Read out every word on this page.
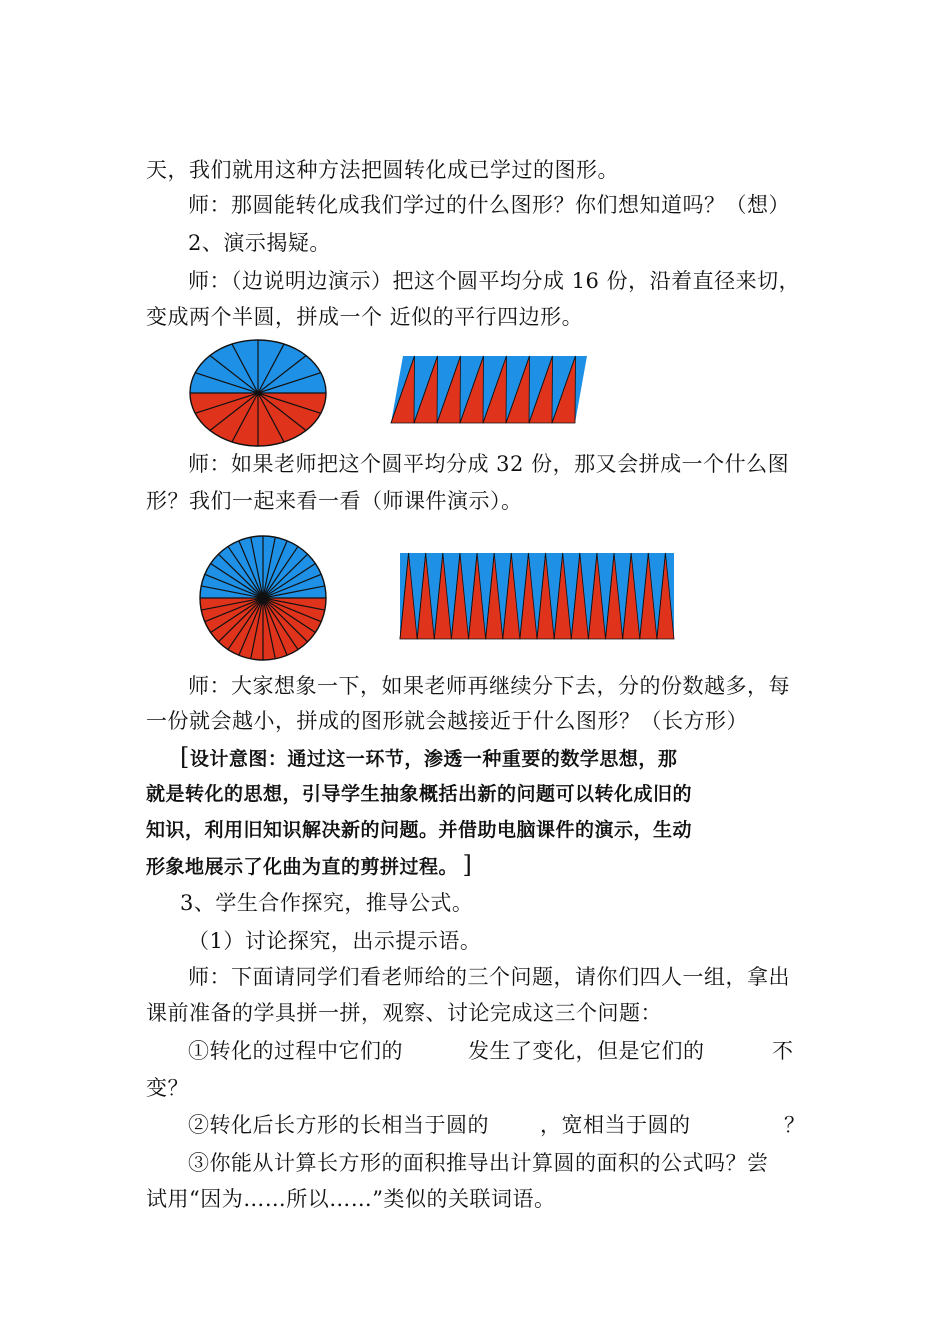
天，我们就用这种方法把圆转化成已学过的图形。
师：那圆能转化成我们学过的什么图形？你们想知道吗？（想）
2、演示揭疑。
师：（边说明边演示）把这个圆平均分成 16 份，沿着直径来切，
变成两个半圆，拼成一个 近似的平行四边形。
师：如果老师把这个圆平均分成 32 份，那又会拼成一个什么图
形？我们一起来看一看（师课件演示）。
师：大家想象一下，如果老师再继续分下去，分的份数越多，每
一份就会越小，拼成的图形就会越接近于什么图形？（长方形）
[设计意图：通过这一环节，渗透一种重要的数学思想，那
就是转化的思想，引导学生抽象概括出新的问题可以转化成旧的
知识，利用旧知识解决新的问题。并借助电脑课件的演示，生动
形象地展示了化曲为直的剪拼过程。 ]
3、学生合作探究，推导公式。
（1）讨论探究，出示提示语。
师：下面请同学们看老师给的三个问题，请你们四人一组，拿出
课前准备的学具拼一拼，观察、讨论完成这三个问题：
①转化的过程中它们的	发生了变化，但是它们的	不
变？
②转化后长方形的长相当于圆的 ，宽相当于圆的	？
③你能从计算长方形的面积推导出计算圆的面积的公式吗？尝
试用“因为……所以……”类似的关联词语。
